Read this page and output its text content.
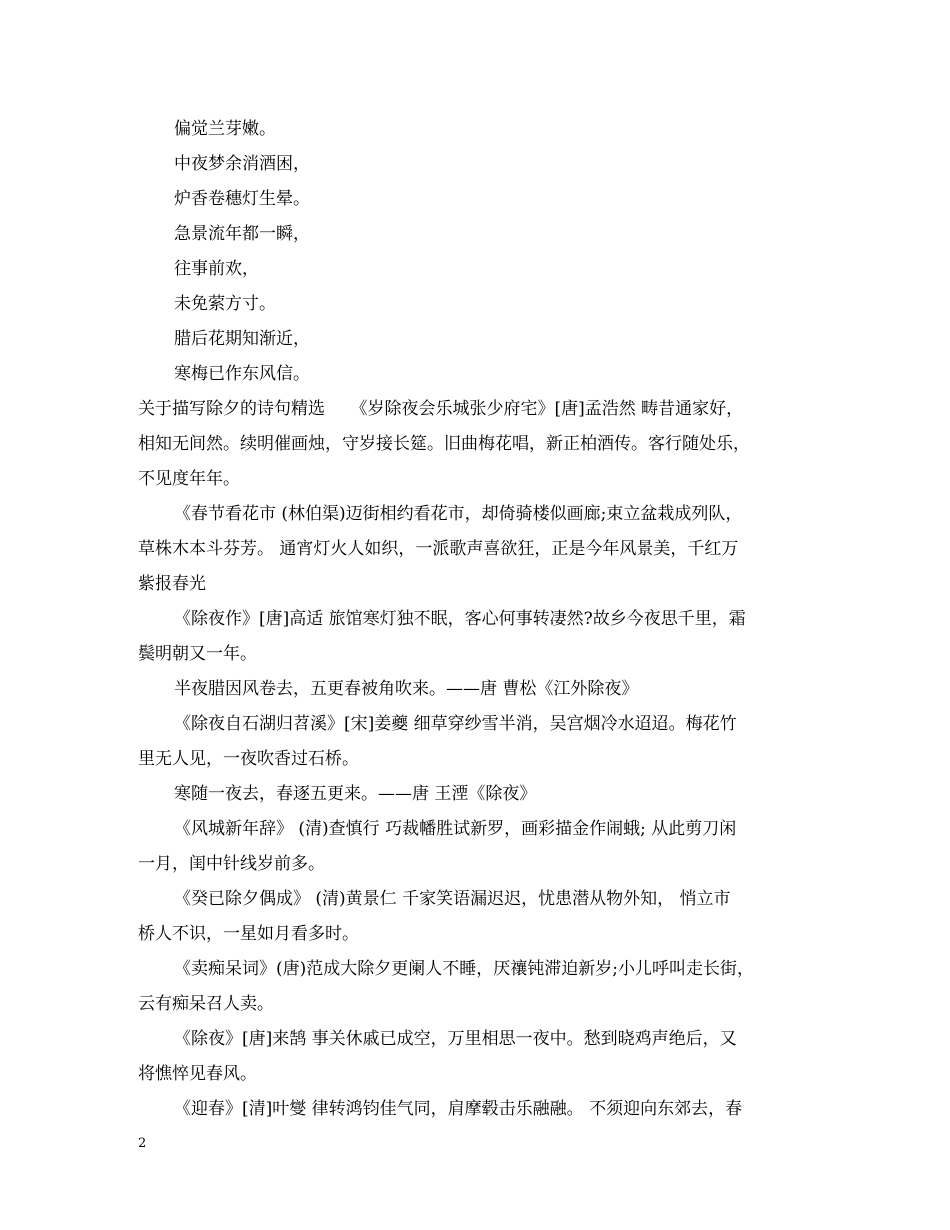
偏觉兰芽嫩。
中夜梦余消酒困，
炉香卷穗灯生晕。
急景流年都一瞬，
往事前欢，
未免萦方寸。
腊后花期知渐近，
寒梅已作东风信。
关于描写除夕的诗句精选　　《岁除夜会乐城张少府宅》[唐]孟浩然 畴昔通家好，
相知无间然。续明催画烛，守岁接长筵。旧曲梅花唱，新正柏酒传。客行随处乐，
不见度年年。
《春节看花市 (林伯渠)迈街相约看花市，却倚骑楼似画廊;束立盆栽成列队，
草株木本斗芬芳。 通宵灯火人如织，一派歌声喜欲狂，正是今年风景美，千红万
紫报春光
《除夜作》[唐]高适 旅馆寒灯独不眠，客心何事转凄然?故乡今夜思千里，霜
鬓明朝又一年。
半夜腊因风卷去，五更春被角吹来。——唐 曹松《江外除夜》
《除夜自石湖归苕溪》[宋]姜夔 细草穿纱雪半消，吴宫烟冷水迢迢。梅花竹
里无人见，一夜吹香过石桥。
寒随一夜去，春逐五更来。——唐 王湮《除夜》
《风城新年辞》 (清)查慎行 巧裁幡胜试新罗，画彩描金作闹蛾; 从此剪刀闲
一月，闺中针线岁前多。
《癸已除夕偶成》 (清)黄景仁 千家笑语漏迟迟，忧患潜从物外知， 悄立市
桥人不识，一星如月看多时。
《卖痴呆词》(唐)范成大除夕更阑人不睡，厌禳钝滞迫新岁;小儿呼叫走长街，
云有痴呆召人卖。
《除夜》[唐]来鹄 事关休戚已成空，万里相思一夜中。愁到晓鸡声绝后，又
将憔悴见春风。
《迎春》[清]叶燮 律转鸿钧佳气同，肩摩毂击乐融融。 不须迎向东郊去，春
2
